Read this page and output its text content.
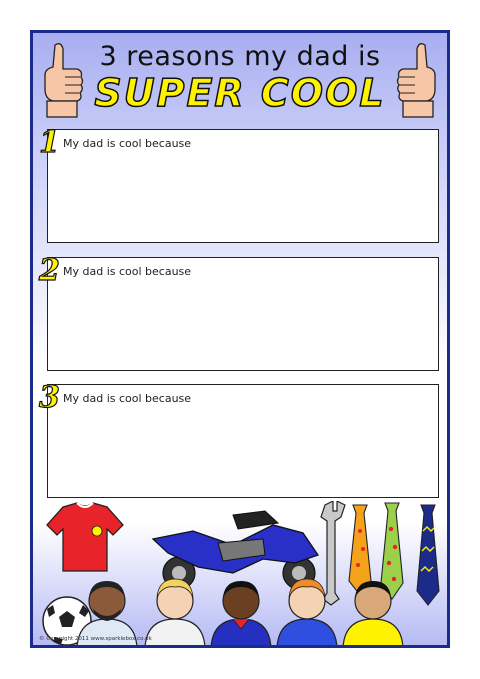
3 reasons my dad is
SUPER COOL
1 My dad is cool because
2 My dad is cool because
3 My dad is cool because
© Copyright 2011 www.sparklebox.co.uk
